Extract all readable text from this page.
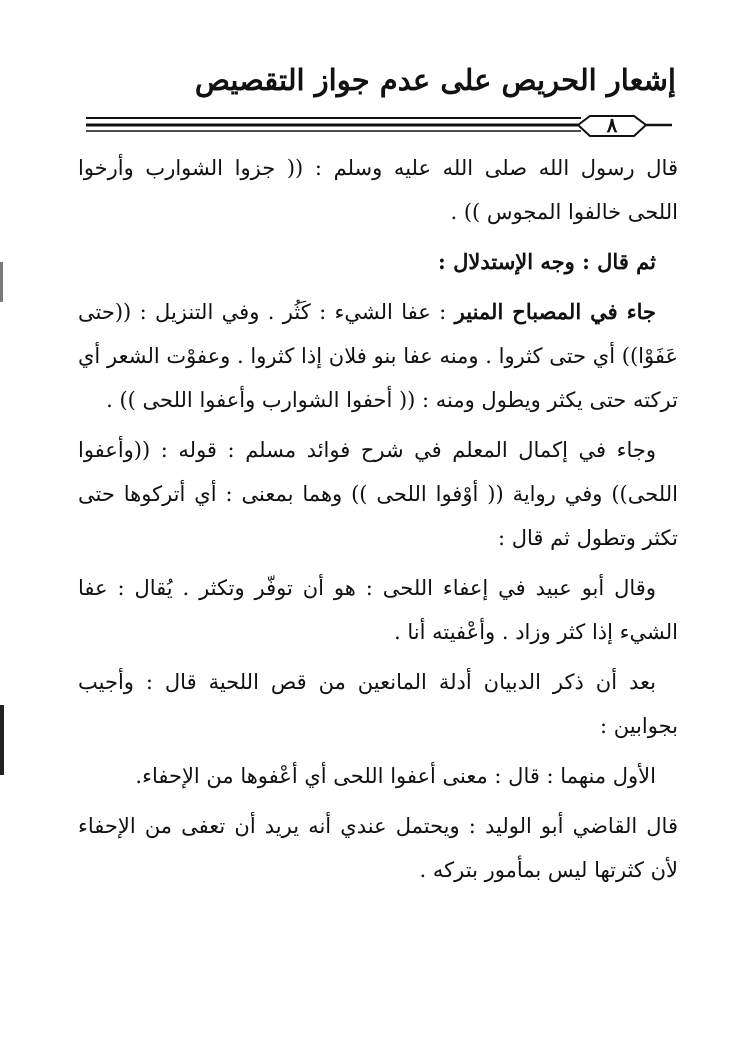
إشعار الحريص على عدم جواز التقصيص
٨

قال رسول الله صلى الله عليه وسلم : (( جزوا الشوارب وأرخوا اللحى خالفوا المجوس )) .

ثم قال : وجه الإستدلال :

جاء في المصباح المنير : عفا الشيء : كَثُر . وفي التنزيل : ((حتى عَفَوْا)) أي حتى كثروا . ومنه عفا بنو فلان إذا كثروا . وعفوْت الشعر أي تركته حتى يكثر ويطول ومنه : (( أحفوا الشوارب وأعفوا اللحى )) .

وجاء في إكمال المعلم في شرح فوائد مسلم : قوله : ((وأعفوا اللحى)) وفي رواية (( أوْفوا اللحى )) وهما بمعنى : أي أتركوها حتى تكثر وتطول ثم قال :

وقال أبو عبيد في إعفاء اللحى : هو أن توفّر وتكثر . يُقال : عفا الشيء إذا كثر وزاد . وأعْفيته أنا .

بعد أن ذكر الدبيان أدلة المانعين من قص اللحية قال : وأجيب بجوابين :

الأول منهما : قال : معنى أعفوا اللحى أي أعْفوها من الإحفاء.

قال القاضي أبو الوليد : ويحتمل عندي أنه يريد أن تعفى من الإحفاء لأن كثرتها ليس بمأمور بتركه .
